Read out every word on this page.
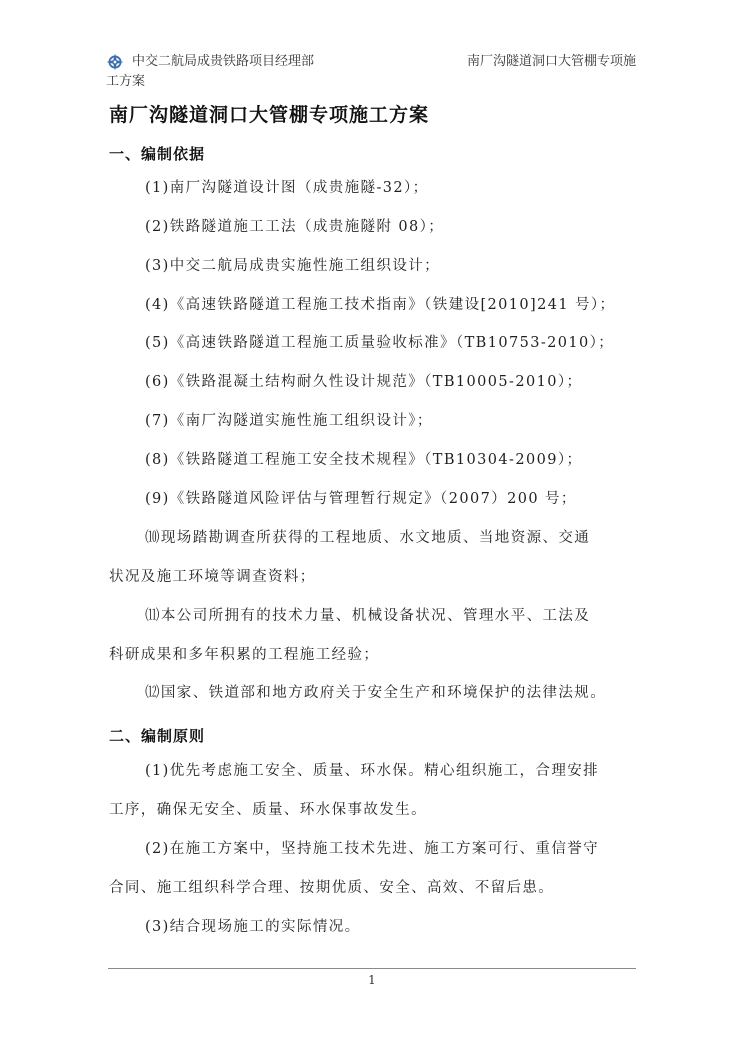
中交二航局成贵铁路项目经理部	南厂沟隧道洞口大管棚专项施
工方案
南厂沟隧道洞口大管棚专项施工方案
一、编制依据
(1)南厂沟隧道设计图（成贵施隧-32）；
(2)铁路隧道施工工法（成贵施隧附 08）；
(3)中交二航局成贵实施性施工组织设计；
(4)《高速铁路隧道工程施工技术指南》（铁建设[2010]241 号）；
(5)《高速铁路隧道工程施工质量验收标准》（TB10753-2010）；
(6)《铁路混凝土结构耐久性设计规范》（TB10005-2010）；
(7)《南厂沟隧道实施性施工组织设计》；
(8)《铁路隧道工程施工安全技术规程》（TB10304-2009）；
(9)《铁路隧道风险评估与管理暂行规定》（2007）200 号；
⑽现场踏勘调查所获得的工程地质、水文地质、当地资源、交通
状况及施工环境等调查资料；
⑾本公司所拥有的技术力量、机械设备状况、管理水平、工法及
科研成果和多年积累的工程施工经验；
⑿国家、铁道部和地方政府关于安全生产和环境保护的法律法规。
二、编制原则
(1)优先考虑施工安全、质量、环水保。精心组织施工，合理安排
工序，确保无安全、质量、环水保事故发生。
(2)在施工方案中，坚持施工技术先进、施工方案可行、重信誉守
合同、施工组织科学合理、按期优质、安全、高效、不留后患。
(3)结合现场施工的实际情况。
1
